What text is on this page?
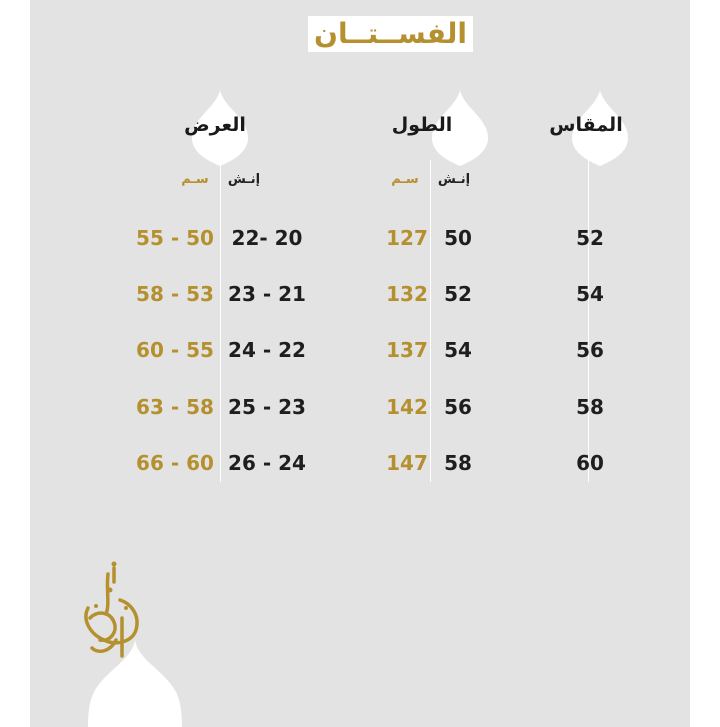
الفســتــان
المقاس
الطول
العرض
إنـش
سـم
إنـش
سـم
52
50
127
22- 20
55 - 50
54
52
132
23 - 21
58 - 53
56
54
137
24 - 22
60 - 55
58
56
142
25 - 23
63 - 58
60
58
147
26 - 24
66 - 60
